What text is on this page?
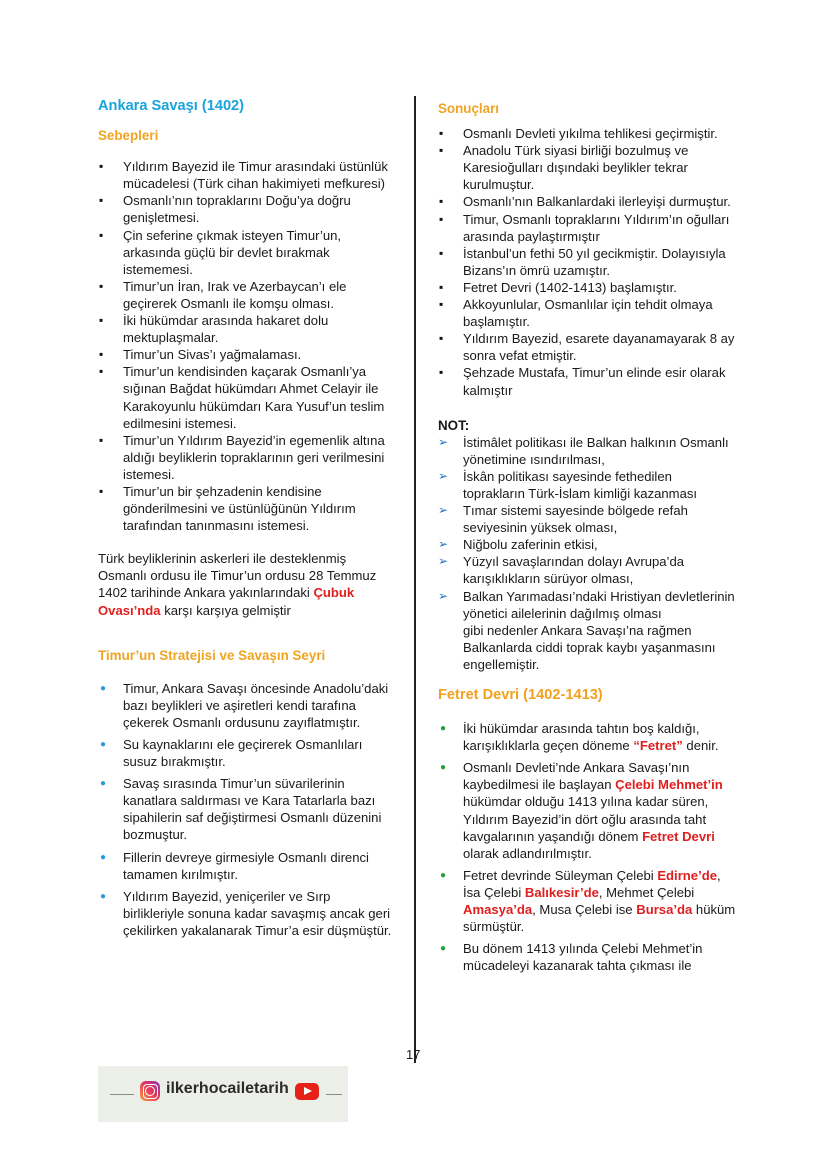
Ankara Savaşı (1402)
Sebepleri
▪ Yıldırım Bayezid ile Timur arasındaki üstünlük mücadelesi (Türk cihan hakimiyeti mefkuresi)
▪ Osmanlı’nın topraklarını Doğu’ya doğru genişletmesi.
▪ Çin seferine çıkmak isteyen Timur’un, arkasında güçlü bir devlet bırakmak istememesi.
▪ Timur’un İran, Irak ve Azerbaycan’ı ele geçirerek Osmanlı ile komşu olması.
▪ İki hükümdar arasında hakaret dolu mektuplaşmalar.
▪ Timur’un Sivas’ı yağmalaması.
▪ Timur’un kendisinden kaçarak Osmanlı’ya sığınan Bağdat hükümdarı Ahmet Celayir ile Karakoyunlu hükümdarı Kara Yusuf’un teslim edilmesini istemesi.
▪ Timur’un Yıldırım Bayezid’in egemenlik altına aldığı beyliklerin topraklarının geri verilmesini istemesi.
▪ Timur’un bir şehzadenin kendisine gönderilmesini ve üstünlüğünün Yıldırım tarafından tanınmasını istemesi.

Türk beyliklerinin askerleri ile desteklenmiş Osmanlı ordusu ile Timur’un ordusu 28 Temmuz 1402 tarihinde Ankara yakınlarındaki Çubuk Ovası’nda karşı karşıya gelmiştir

Timur’un Stratejisi ve Savaşın Seyri
● Timur, Ankara Savaşı öncesinde Anadolu’daki bazı beylikleri ve aşiretleri kendi tarafına çekerek Osmanlı ordusunu zayıflatmıştır.
● Su kaynaklarını ele geçirerek Osmanlıları susuz bırakmıştır.
● Savaş sırasında Timur’un süvarilerinin kanatlara saldırması ve Kara Tatarlarla bazı sipahilerin saf değiştirmesi Osmanlı düzenini bozmuştur.
● Fillerin devreye girmesiyle Osmanlı direnci tamamen kırılmıştır.
● Yıldırım Bayezid, yeniçeriler ve Sırp birlikleriyle sonuna kadar savaşmış ancak geri çekilirken yakalanarak Timur’a esir düşmüştür.
Sonuçları
▪ Osmanlı Devleti yıkılma tehlikesi geçirmiştir.
▪ Anadolu Türk siyasi birliği bozulmuş ve Karesioğulları dışındaki beylikler tekrar kurulmuştur.
▪ Osmanlı’nın Balkanlardaki ilerleyişi durmuştur.
▪ Timur, Osmanlı topraklarını Yıldırım’ın oğulları arasında paylaştırmıştır
▪ İstanbul’un fethi 50 yıl gecikmiştir. Dolayısıyla Bizans’ın ömrü uzamıştır.
▪ Fetret Devri (1402-1413) başlamıştır.
▪ Akkoyunlular, Osmanlılar için tehdit olmaya başlamıştır.
▪ Yıldırım Bayezid, esarete dayanamayarak 8 ay sonra vefat etmiştir.
▪ Şehzade Mustafa, Timur’un elinde esir olarak kalmıştır
NOT:
➢ İstimâlet politikası ile Balkan halkının Osmanlı yönetimine ısındırılması,
➢ İskân politikası sayesinde fethedilen toprakların Türk-İslam kimliği kazanması
➢ Tımar sistemi sayesinde bölgede refah seviyesinin yüksek olması,
➢ Niğbolu zaferinin etkisi,
➢ Yüzyıl savaşlarından dolayı Avrupa’da karışıklıkların sürüyor olması,
➢ Balkan Yarımadası’ndaki Hristiyan devletlerinin yönetici ailelerinin dağılmış olması

gibi nedenler Ankara Savaşı’na rağmen Balkanlarda ciddi toprak kaybı yaşanmasını engellemiştir.

Fetret Devri (1402-1413)
● İki hükümdar arasında tahtın boş kaldığı, karışıklıklarla geçen döneme “Fetret” denir.
● Osmanlı Devleti’nde Ankara Savaşı’nın kaybedilmesi ile başlayan Çelebi Mehmet’in hükümdar olduğu 1413 yılına kadar süren, Yıldırım Bayezid’in dört oğlu arasında taht kavgalarının yaşandığı dönem Fetret Devri olarak adlandırılmıştır.
● Fetret devrinde Süleyman Çelebi Edirne’de, İsa Çelebi Balıkesir’de, Mehmet Çelebi Amasya’da, Musa Çelebi ise Bursa’da hüküm sürmüştür.
● Bu dönem 1413 yılında Çelebi Mehmet’in mücadeleyi kazanarak tahta çıkması ile
17
ilkerhocailetarih
